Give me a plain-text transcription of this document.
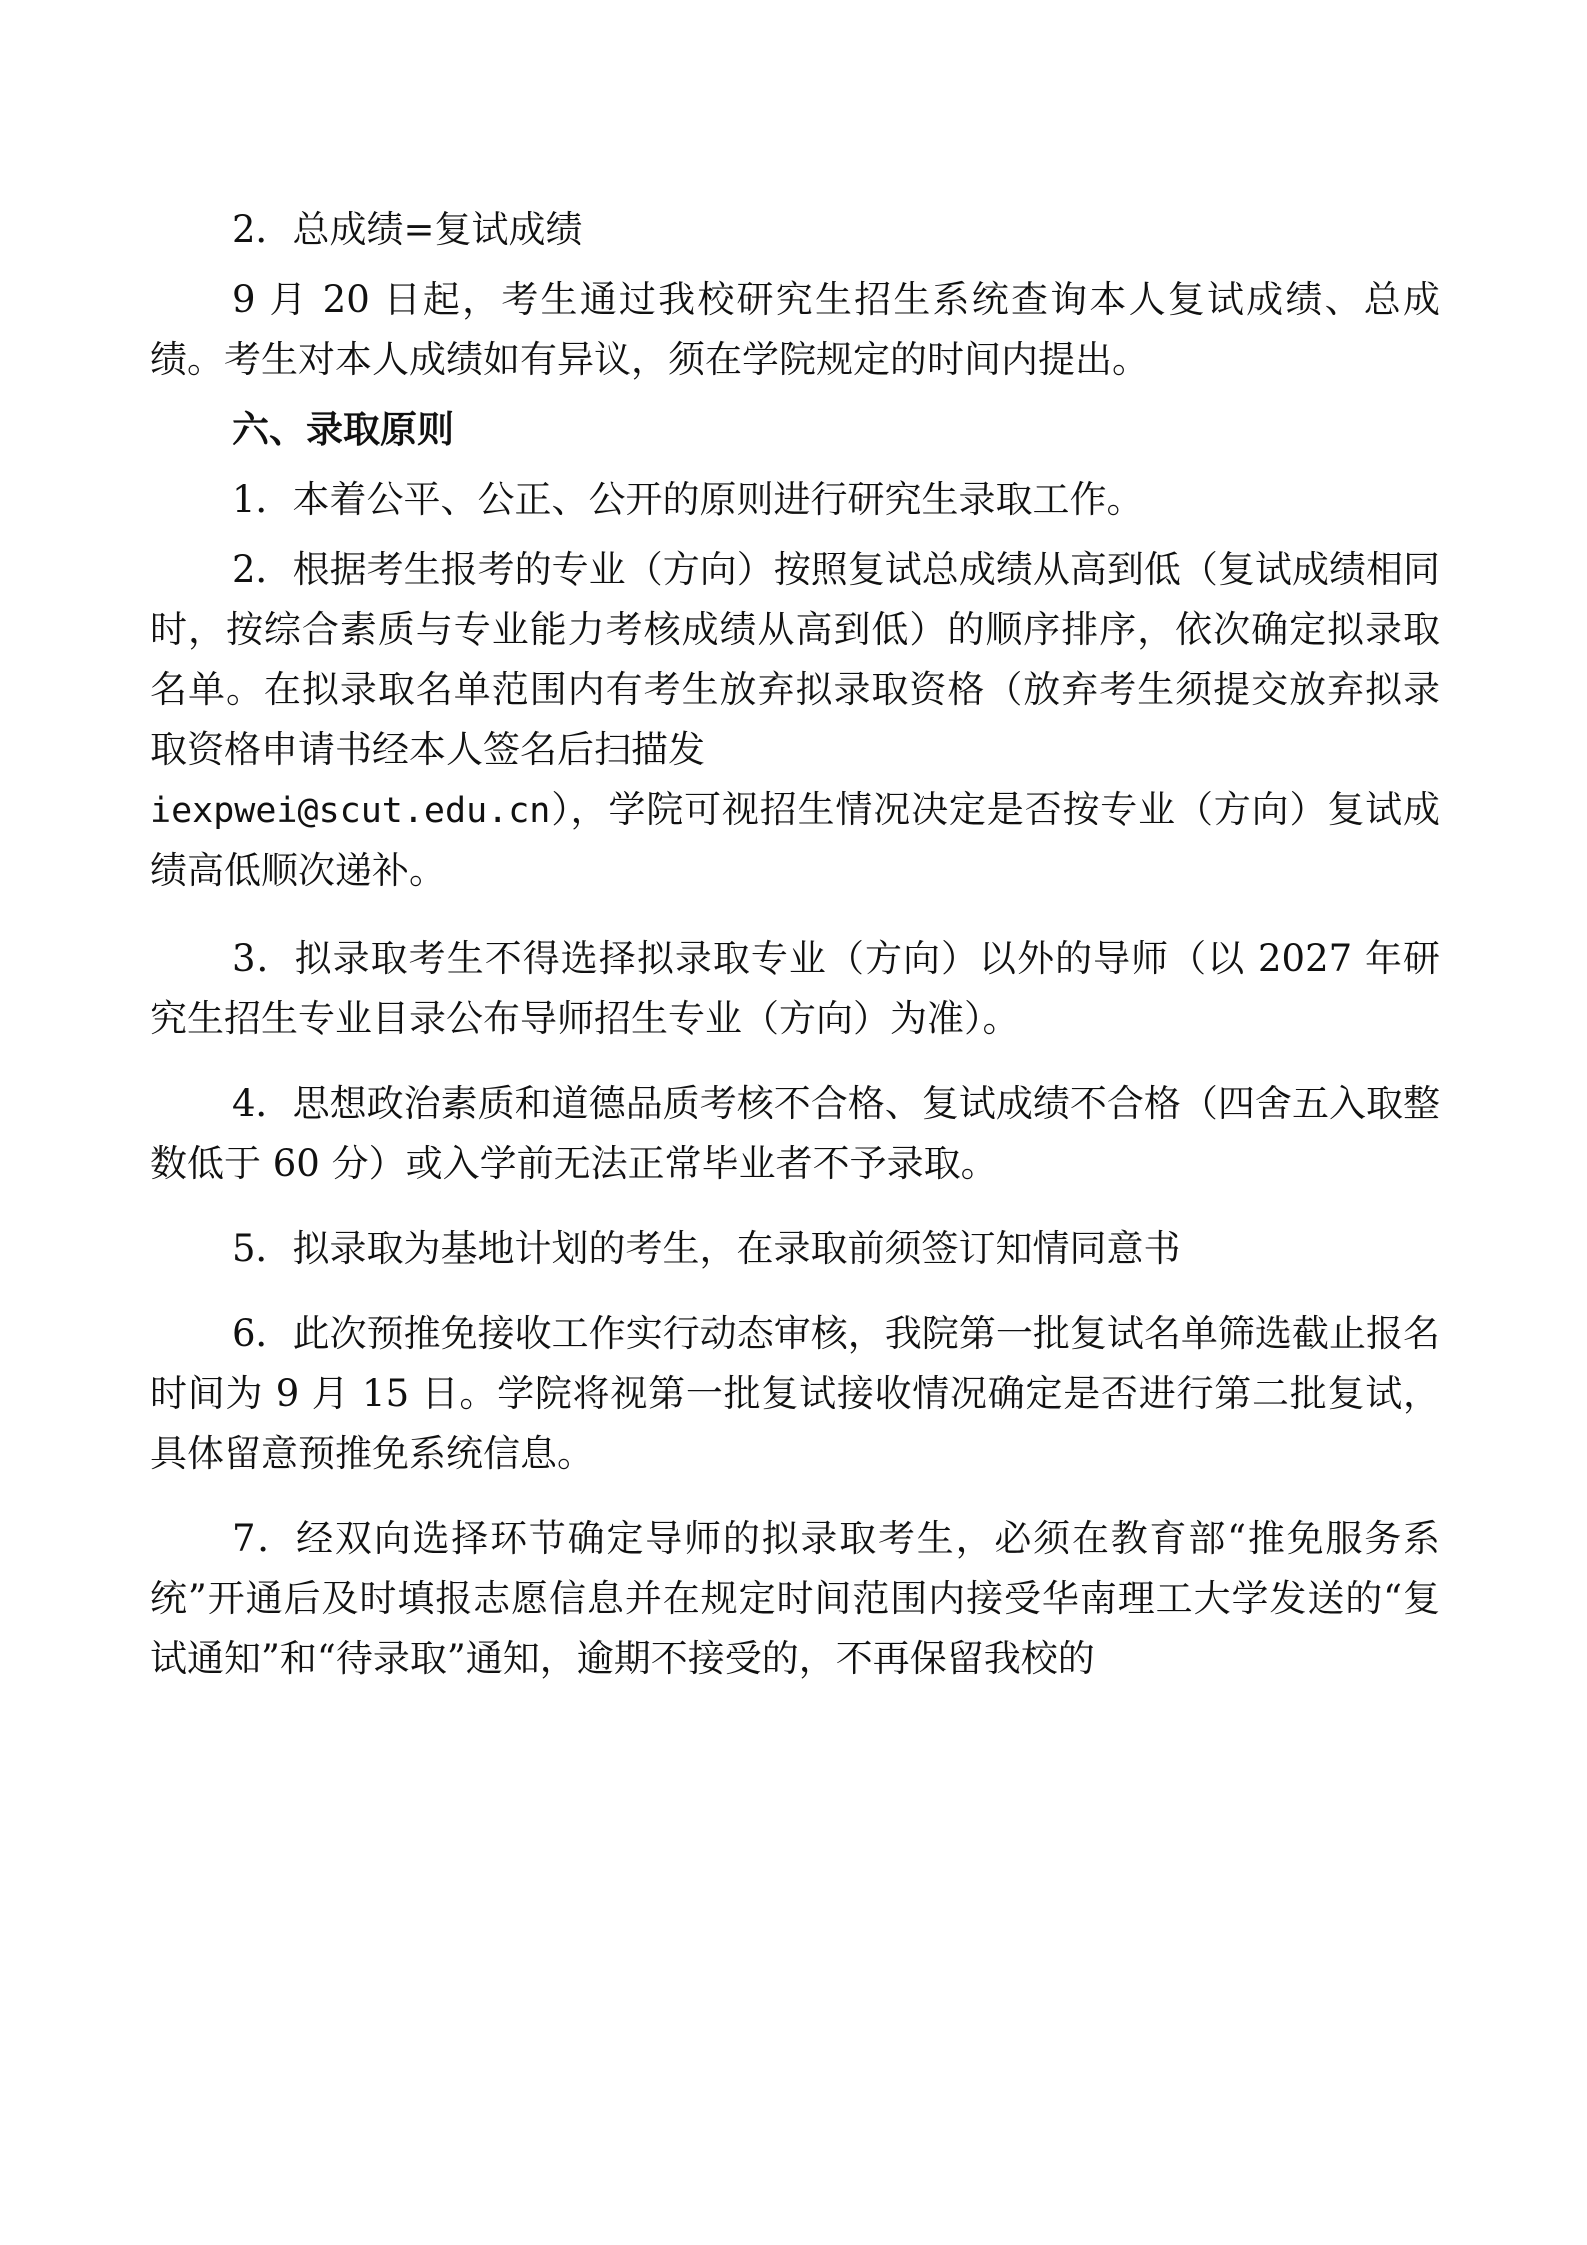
2．总成绩=复试成绩

9 月 20 日起，考生通过我校研究生招生系统查询本人复试成绩、总成绩。考生对本人成绩如有异议，须在学院规定的时间内提出。

六、录取原则

1．本着公平、公正、公开的原则进行研究生录取工作。

2．根据考生报考的专业（方向）按照复试总成绩从高到低（复试成绩相同时，按综合素质与专业能力考核成绩从高到低）的顺序排序，依次确定拟录取名单。在拟录取名单范围内有考生放弃拟录取资格（放弃考生须提交放弃拟录取资格申请书经本人签名后扫描发

iexpwei@scut.edu.cn），学院可视招生情况决定是否按专业（方向）复试成绩高低顺次递补。

3．拟录取考生不得选择拟录取专业（方向）以外的导师（以 2027 年研究生招生专业目录公布导师招生专业（方向）为准）。

4．思想政治素质和道德品质考核不合格、复试成绩不合格（四舍五入取整数低于 60 分）或入学前无法正常毕业者不予录取。

5．拟录取为基地计划的考生，在录取前须签订知情同意书

6．此次预推免接收工作实行动态审核，我院第一批复试名单筛选截止报名时间为 9 月 15 日。学院将视第一批复试接收情况确定是否进行第二批复试，具体留意预推免系统信息。

7．经双向选择环节确定导师的拟录取考生，必须在教育部“推免服务系统”开通后及时填报志愿信息并在规定时间范围内接受华南理工大学发送的“复试通知”和“待录取”通知，逾期不接受的，不再保留我校的
